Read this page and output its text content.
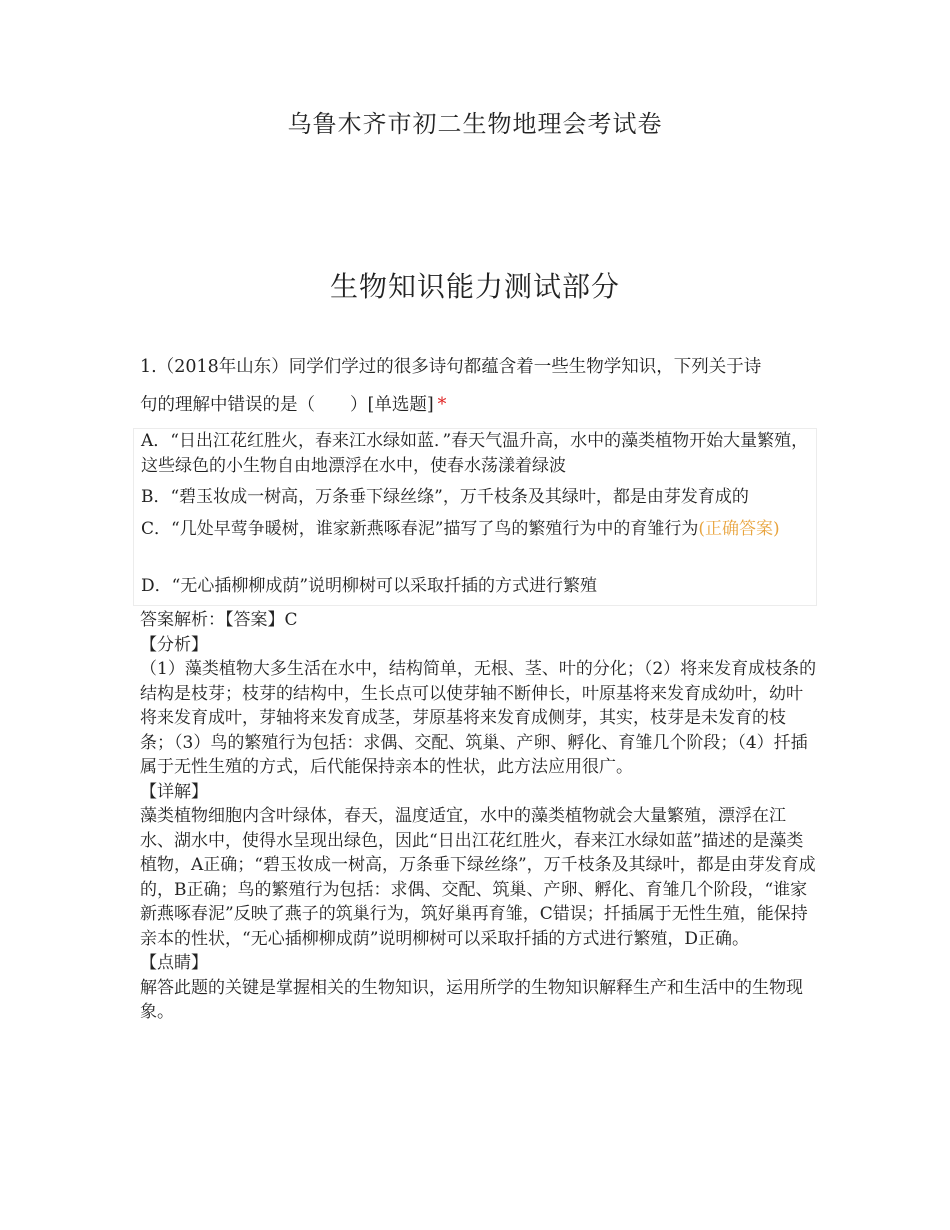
乌鲁木齐市初二生物地理会考试卷
生物知识能力测试部分
1.（2018年山东）同学们学过的很多诗句都蕴含着一些生物学知识，下列关于诗
句的理解中错误的是（　　）[单选题] *
A．“日出江花红胜火，春来江水绿如蓝．”春天气温升高，水中的藻类植物开始大量繁殖，这些绿色的小生物自由地漂浮在水中，使春水荡漾着绿波
B．“碧玉妆成一树高，万条垂下绿丝绦”，万千枝条及其绿叶，都是由芽发育成的
C．“几处早莺争暖树，谁家新燕啄春泥”描写了鸟的繁殖行为中的育雏行为(正确答案)
D．“无心插柳柳成荫”说明柳树可以采取扦插的方式进行繁殖

答案解析：【答案】C

【分析】

（1）藻类植物大多生活在水中，结构简单，无根、茎、叶的分化；（2）将来发育成枝条的结构是枝芽；枝芽的结构中，生长点可以使芽轴不断伸长，叶原基将来发育成幼叶，幼叶将来发育成叶，芽轴将来发育成茎，芽原基将来发育成侧芽，其实，枝芽是未发育的枝条；（3）鸟的繁殖行为包括：求偶、交配、筑巢、产卵、孵化、育雏几个阶段；（4）扦插属于无性生殖的方式，后代能保持亲本的性状，此方法应用很广。

【详解】

藻类植物细胞内含叶绿体，春天，温度适宜，水中的藻类植物就会大量繁殖，漂浮在江水、湖水中，使得水呈现出绿色，因此“日出江花红胜火，春来江水绿如蓝”描述的是藻类植物，A正确；“碧玉妆成一树高，万条垂下绿丝绦”，万千枝条及其绿叶，都是由芽发育成的，B正确；鸟的繁殖行为包括：求偶、交配、筑巢、产卵、孵化、育雏几个阶段，“谁家新燕啄春泥”反映了燕子的筑巢行为，筑好巢再育雏，C错误；扦插属于无性生殖，能保持亲本的性状，“无心插柳柳成荫”说明柳树可以采取扦插的方式进行繁殖，D正确。

【点睛】

解答此题的关键是掌握相关的生物知识，运用所学的生物知识解释生产和生活中的生物现象。
